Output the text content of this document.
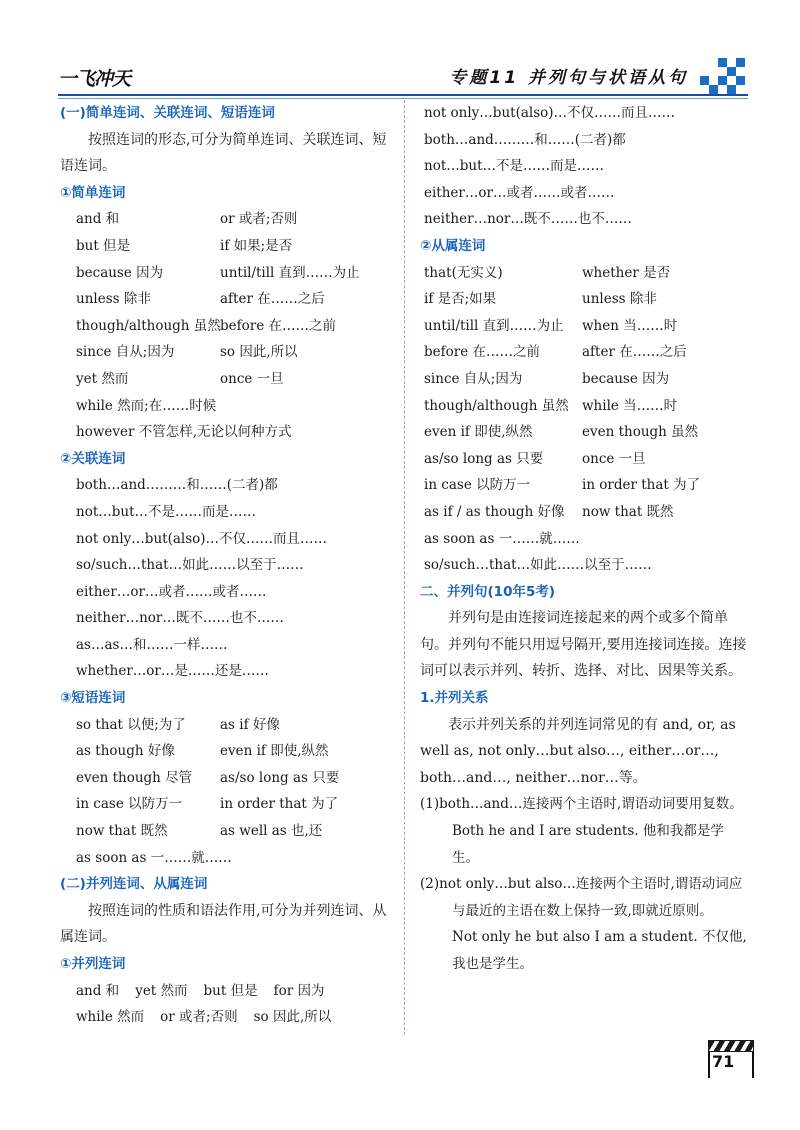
一飞冲天	专题11 并列句与状语从句
(一)简单连词、关联连词、短语连词

按照连词的形态,可分为简单连词、关联连词、短语连词。

①简单连词
and 和	or 或者;否则
but 但是	if 如果;是否
because 因为	until/till 直到……为止
unless 除非	after 在……之后
though/although 虽然 before 在……之前
since 自从;因为	so 因此,所以
yet 然而	once 一旦
while 然而;在……时候
however 不管怎样,无论以何种方式
②关联连词
both…and………和……(二者)都
not…but…不是……而是……
not only…but(also)…不仅……而且……
so/such…that…如此……以至于……
either…or…或者……或者……
neither…nor…既不……也不……
as…as…和……一样……
whether…or…是……还是……
③短语连词
so that 以便;为了	as if 好像
as though 好像	even if 即使,纵然
even though 尽管	as/so long as 只要
in case 以防万一	in order that 为了
now that 既然	as well as 也,还
as soon as 一……就……
(二)并列连词、从属连词

按照连词的性质和语法作用,可分为并列连词、从属连词。

①并列连词
and 和 yet 然而 but 但是 for 因为
while 然而 or 或者;否则 so 因此,所以
not only…but(also)…不仅……而且……
both…and………和……(二者)都
not…but…不是……而是……
either…or…或者……或者……
neither…nor…既不……也不……
②从属连词
that(无实义)	whether 是否
if 是否;如果	unless 除非
until/till 直到……为止	when 当……时
before 在……之前	after 在……之后
since 自从;因为	because 因为
though/although 虽然 while 当……时
even if 即使,纵然	even though 虽然
as/so long as 只要	once 一旦
in case 以防万一	in order that 为了
as if / as though 好像	now that 既然
as soon as 一……就……
so/such…that…如此……以至于……
二、并列句(10年5考)

并列句是由连接词连接起来的两个或多个简单句。并列句不能只用逗号隔开,要用连接词连接。连接词可以表示并列、转折、选择、对比、因果等关系。

1.并列关系

表示并列关系的并列连词常见的有 and, or, as well as, not only…but also…, either…or…, both…and…, neither…nor…等。

(1)both…and…连接两个主语时,谓语动词要用复数。
Both he and I are students. 他和我都是学生。
(2)not only…but also…连接两个主语时,谓语动词应与最近的主语在数上保持一致,即就近原则。
Not only he but also I am a student. 不仅他,我也是学生。
71
